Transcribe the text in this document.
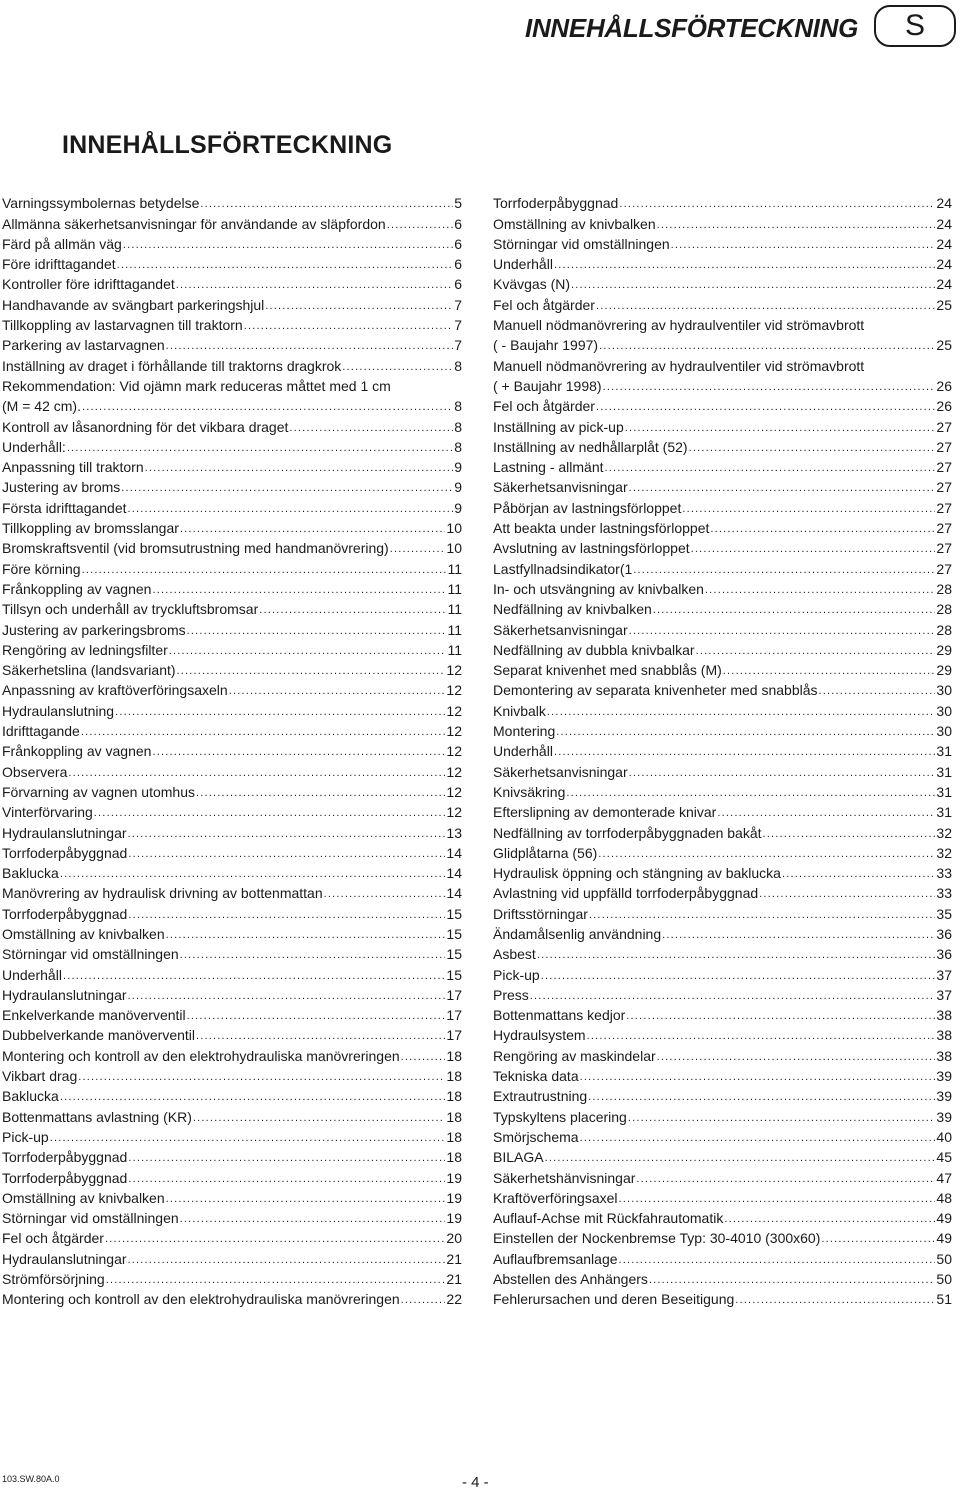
INNEHÅLLSFÖRTECKNING	S
INNEHÅLLSFÖRTECKNING
Varningssymbolernas betydelse .....	5
Allmänna säkerhetsanvisningar för användande av släpfordon .....	6
Färd på allmän väg .....	6
Före idrifttagandet .....	6
Kontroller före idrifttagandet .....	6
Handhavande av svängbart parkeringshjul .....	7
Tillkoppling av lastarvagnen till traktorn .....	7
Parkering av lastarvagnen .....	7
Inställning av draget i förhållande till traktorns dragkrok .....	8
Rekommendation: Vid ojämn mark reduceras måttet med 1 cm
(M = 42 cm). .....	8
Kontroll av låsanordning för det vikbara draget .....	8
Underhåll: .....	8
Anpassning till traktorn .....	9
Justering av broms .....	9
Första idrifttagandet .....	9
Tillkoppling av bromsslangar .....	10
Bromskraftsventil (vid bromsutrustning med handmanövrering) .....	10
Före körning .....	11
Frånkoppling av vagnen .....	11
Tillsyn och underhåll av tryckluftsbromsar .....	11
Justering av parkeringsbroms .....	11
Rengöring av ledningsfilter .....	11
Säkerhetslina (landsvariant) .....	12
Anpassning av kraftöverföringsaxeln .....	12
Hydraulanslutning .....	12
Idrifttagande .....	12
Frånkoppling av vagnen .....	12
Observera .....	12
Förvarning av vagnen utomhus .....	12
Vinterförvaring .....	12
Hydraulanslutningar .....	13
Torrfoderpåbyggnad .....	14
Baklucka .....	14
Manövrering av hydraulisk drivning av bottenmattan .....	14
Torrfoderpåbyggnad .....	15
Omställning av knivbalken .....	15
Störningar vid omställningen .....	15
Underhåll .....	15
Hydraulanslutningar .....	17
Enkelverkande manöverventil .....	17
Dubbelverkande manöverventil .....	17
Montering och kontroll av den elektrohydrauliska manövreringen .....	18
Vikbart drag .....	18
Baklucka .....	18
Bottenmattans avlastning (KR) .....	18
Pick-up .....	18
Torrfoderpåbyggnad .....	18
Torrfoderpåbyggnad .....	19
Omställning av knivbalken .....	19
Störningar vid omställningen .....	19
Fel och åtgärder .....	20
Hydraulanslutningar .....	21
Strömförsörjning .....	21
Montering och kontroll av den elektrohydrauliska manövreringen .....	22
Torrfoderpåbyggnad .....	24
Omställning av knivbalken .....	24
Störningar vid omställningen .....	24
Underhåll .....	24
Kvävgas (N) .....	24
Fel och åtgärder .....	25
Manuell nödmanövrering av hydraulventiler vid strömavbrott
( - Baujahr 1997) .....	25
Manuell nödmanövrering av hydraulventiler vid strömavbrott
( + Baujahr 1998) .....	26
Fel och åtgärder .....	26
Inställning av pick-up .....	27
Inställning av nedhållarplåt (52) .....	27
Lastning - allmänt .....	27
Säkerhetsanvisningar .....	27
Påbörjan av lastningsförloppet .....	27
Att beakta under lastningsförloppet .....	27
Avslutning av lastningsförloppet .....	27
Lastfyllnadsindikator(1 .....	27
In- och utsvängning av knivbalken .....	28
Nedfällning av knivbalken .....	28
Säkerhetsanvisningar .....	28
Nedfällning av dubbla knivbalkar .....	29
Separat knivenhet med snabblås (M) .....	29
Demontering av separata knivenheter med snabblås .....	30
Knivbalk .....	30
Montering .....	30
Underhåll .....	31
Säkerhetsanvisningar .....	31
Knivsäkring .....	31
Efterslipning av demonterade knivar .....	31
Nedfällning av torrfoderpåbyggnaden bakåt .....	32
Glidplåtarna (56) .....	32
Hydraulisk öppning och stängning av baklucka .....	33
Avlastning vid uppfälld torrfoderpåbyggnad .....	33
Driftsstörningar .....	35
Ändamålsenlig användning .....	36
Asbest .....	36
Pick-up .....	37
Press .....	37
Bottenmattans kedjor .....	38
Hydraulsystem .....	38
Rengöring av maskindelar .....	38
Tekniska data .....	39
Extrautrustning .....	39
Typskyltens placering .....	39
Smörjschema .....	40
BILAGA .....	45
Säkerhetshänvisningar .....	47
Kraftöverföringsaxel .....	48
Auflauf-Achse mit Rückfahrautomatik .....	49
Einstellen der Nockenbremse Typ: 30-4010 (300x60) .....	49
Auflaufbremsanlage .....	50
Abstellen des Anhängers .....	50
Fehlerursachen und deren Beseitigung .....	51
103.SW.80A.0	- 4 -
